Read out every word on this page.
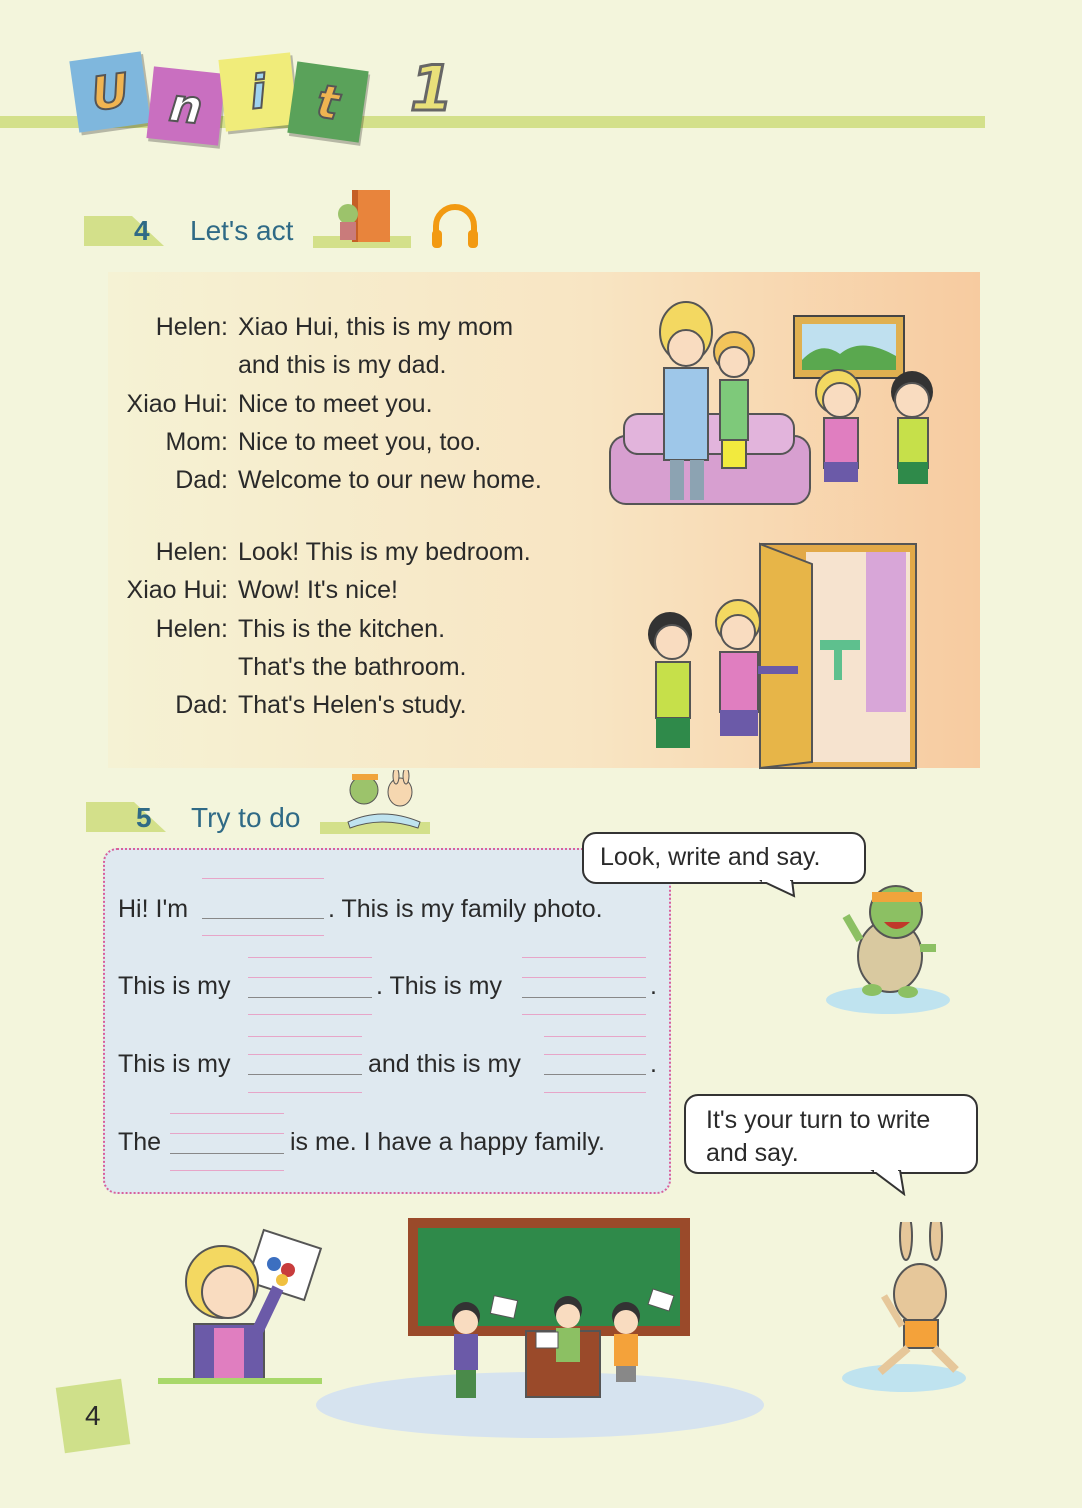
U n i t 1
4 Let's act
Helen: Xiao Hui, this is my mom
and this is my dad.
Xiao Hui: Nice to meet you.
Mom: Nice to meet you, too.
Dad: Welcome to our new home.
Helen: Look! This is my bedroom.
Xiao Hui: Wow! It's nice!
Helen: This is the kitchen.
That's the bathroom.
Dad: That's Helen's study.
5 Try to do
Hi! I'm	. This is my family photo.
This is my	. This is my	.
This is my	and this is my	.
The	is me. I have a happy family.
Look, write and say.
It's your turn to write
and say.
4
